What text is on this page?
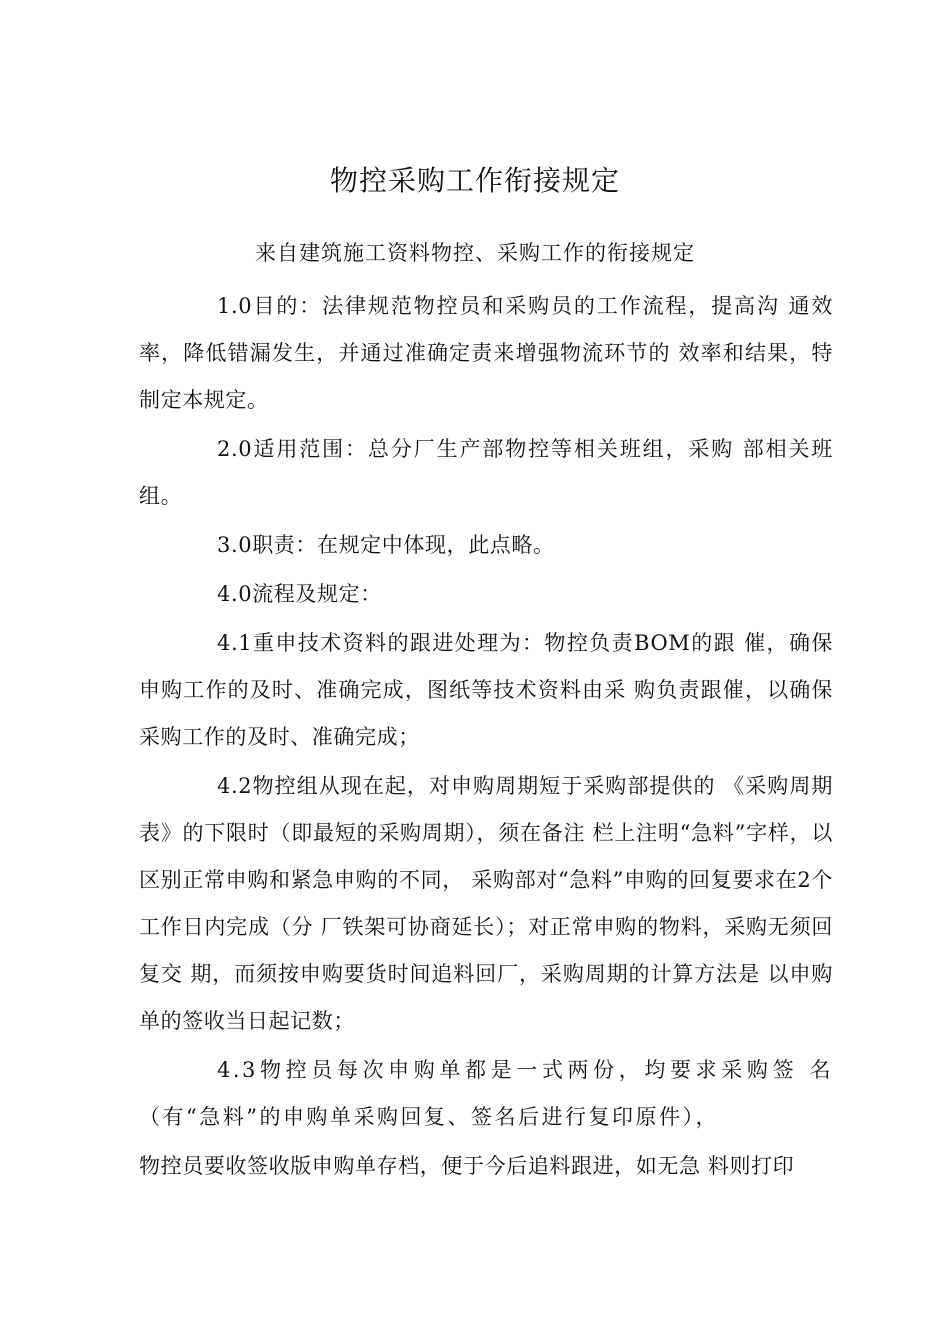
物控采购工作衔接规定
来自建筑施工资料物控、采购工作的衔接规定

1.0目的：法律规范物控员和采购员的工作流程，提高沟 通效率，降低错漏发生，并通过准确定责来增强物流环节的 效率和结果，特制定本规定。

2.0适用范围：总分厂生产部物控等相关班组，采购 部相关班组。

3.0职责：在规定中体现，此点略。

4.0流程及规定：

4.1重申技术资料的跟进处理为：物控负责BOM的跟 催，确保申购工作的及时、准确完成，图纸等技术资料由采 购负责跟催，以确保采购工作的及时、准确完成；

4.2物控组从现在起，对申购周期短于采购部提供的 《采购周期表》的下限时（即最短的采购周期），须在备注 栏上注明“急料”字样，以区别正常申购和紧急申购的不同， 采购部对“急料”申购的回复要求在2个工作日内完成（分 厂铁架可协商延长）；对正常申购的物料，采购无须回复交 期，而须按申购要货时间追料回厂，采购周期的计算方法是 以申购单的签收当日起记数；

4.3物控员每次申购单都是一式两份，均要求采购签 名（有“急料”的申购单采购回复、签名后进行复印原件），

物控员要收签收版申购单存档，便于今后追料跟进，如无急 料则打印
